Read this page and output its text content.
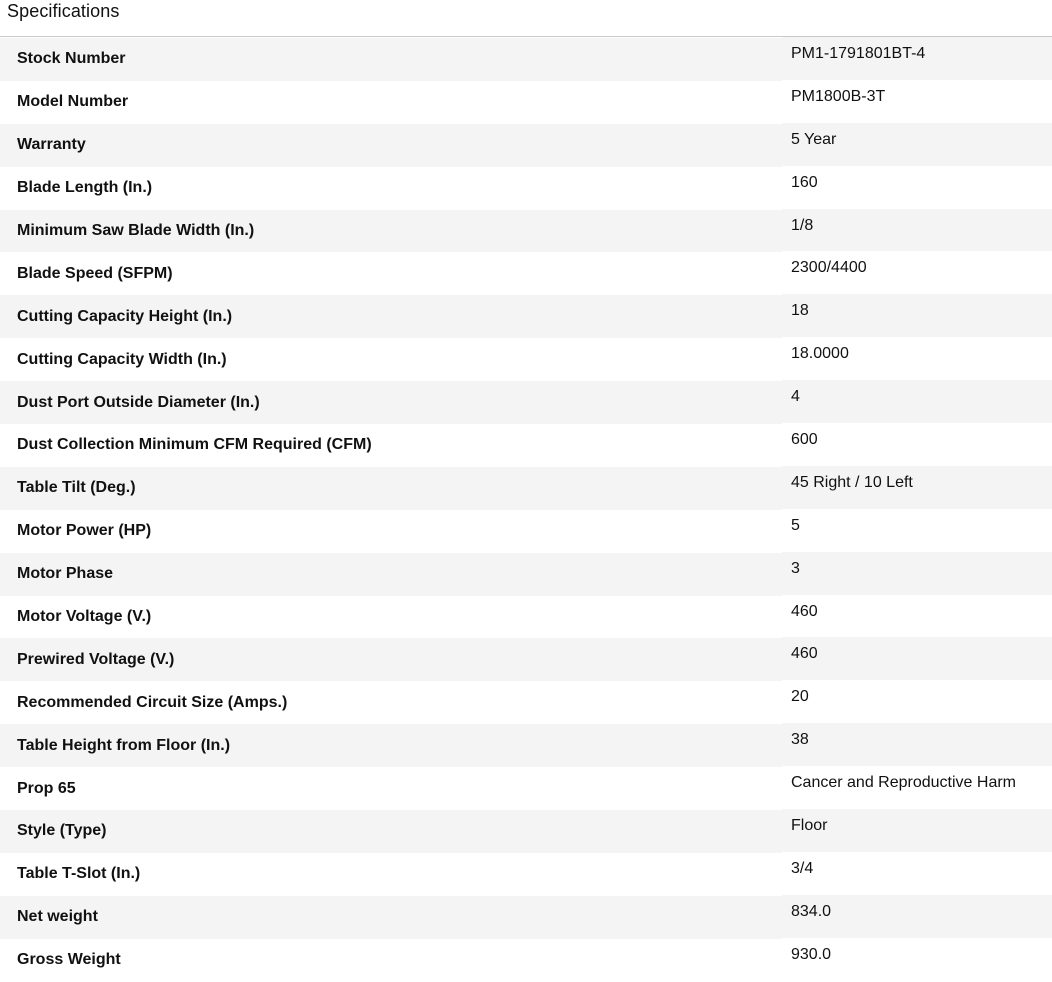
Specifications
Stock Number	PM1-1791801BT-4
Model Number	PM1800B-3T
Warranty	5 Year
Blade Length (In.)	160
Minimum Saw Blade Width (In.)	1/8
Blade Speed (SFPM)	2300/4400
Cutting Capacity Height (In.)	18
Cutting Capacity Width (In.)	18.0000
Dust Port Outside Diameter (In.)	4
Dust Collection Minimum CFM Required (CFM)	600
Table Tilt (Deg.)	45 Right / 10 Left
Motor Power (HP)	5
Motor Phase	3
Motor Voltage (V.)	460
Prewired Voltage (V.)	460
Recommended Circuit Size (Amps.)	20
Table Height from Floor (In.)	38
Prop 65	Cancer and Reproductive Harm
Style (Type)	Floor
Table T-Slot (In.)	3/4
Net weight	834.0
Gross Weight	930.0
